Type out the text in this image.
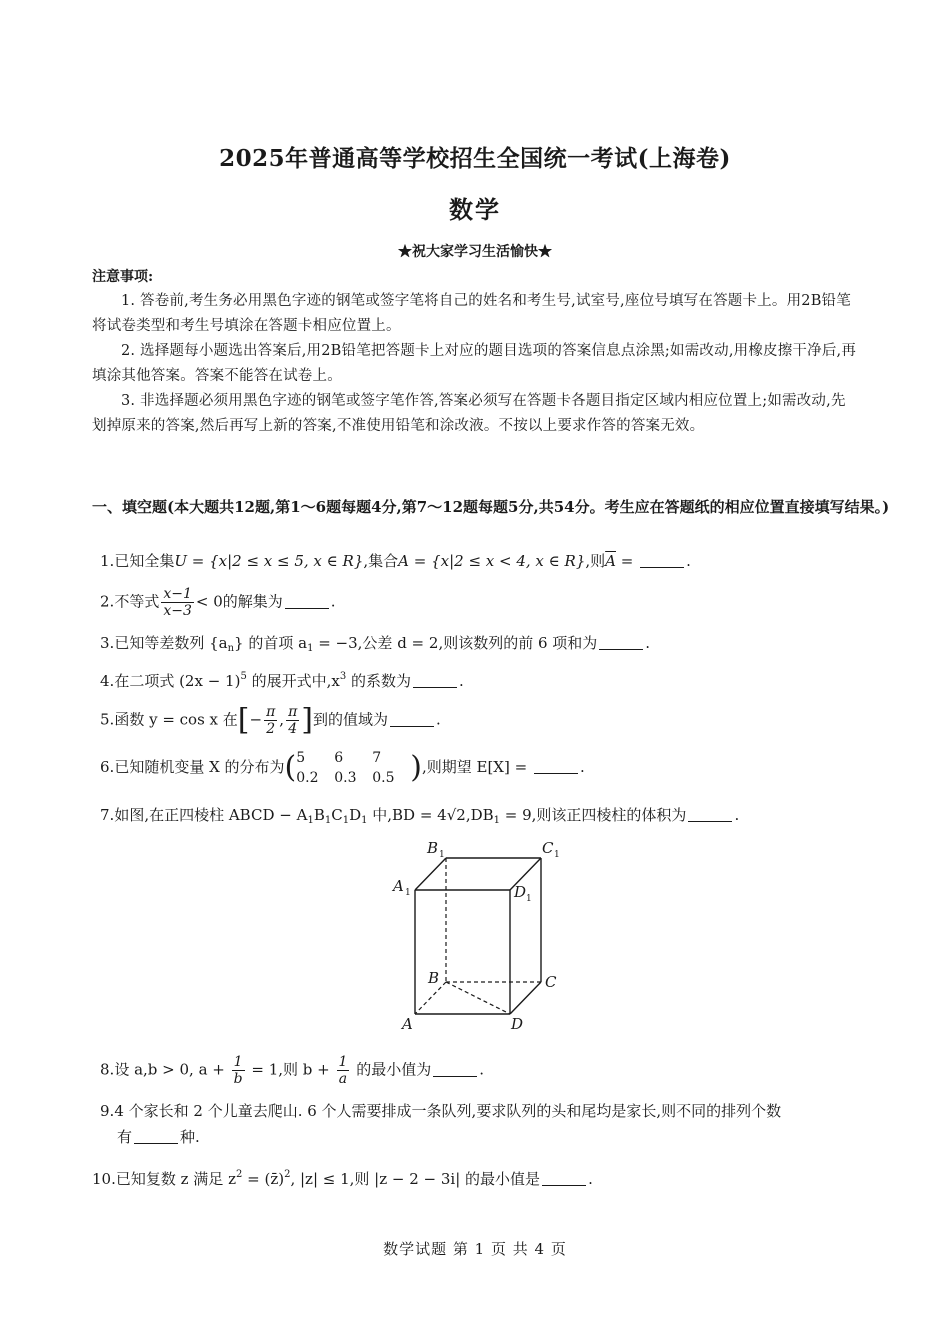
2025年普通高等学校招生全国统一考试(上海卷)
数学
★祝大家学习生活愉快★
注意事项:
1. 答卷前,考生务必用黑色字迹的钢笔或签字笔将自己的姓名和考生号,试室号,座位号填写在答题卡上。用2B铅笔将试卷类型和考生号填涂在答题卡相应位置上。
2. 选择题每小题选出答案后,用2B铅笔把答题卡上对应的题目选项的答案信息点涂黑;如需改动,用橡皮擦干净后,再填涂其他答案。答案不能答在试卷上。
3. 非选择题必须用黑色字迹的钢笔或签字笔作答,答案必须写在答题卡各题目指定区域内相应位置上;如需改动,先划掉原来的答案,然后再写上新的答案,不准使用铅笔和涂改液。不按以上要求作答的答案无效。
一、填空题(本大题共12题,第1～6题每题4分,第7～12题每题5分,共54分。考生应在答题纸的相应位置直接填写结果。)
1.已知全集U = {x|2 ≤ x ≤ 5, x ∈ R},集合A = {x|2 ≤ x < 4, x ∈ R},则$\overline{A}$ =	.
2.不等式 $\frac{x-1}{x-3} < 0$的解集为	.
3.已知等差数列 $\{a_n\}$ 的首项 $a_1 = -3$,公差 d = 2,则该数列的前 6 项和为	.
4.在二项式 $(2x - 1)^5$ 的展开式中$,x^3$ 的系数为	.
5.函数 y = cos x 在[− $\frac{\pi}{2}$ , $\frac{\pi}{4}$ ]到的值域为	.
6.已知随机变量 X 的分布为( 5 6 7
0.2 0.3 0.5 ),则期望 E[X] =	.
7.如图,在正四棱柱 ABCD − $A_1B_1C_1D_1$ 中$,BD = 4√2,DB_1 = 9$,则该正四棱柱的体积为	.
A
B	C
D
A 1
B 1	C 1
D 1
8.设 a,b > 0, $a + \frac{1}{b} = 1$,则 $b + \frac{1}{a}$ 的最小值为	.
9.4 个家长和 2 个儿童去爬山. 6 个人需要排成一条队列,要求队列的头和尾均是家长,则不同的排列个数
有	种.
10.已知复数 z 满足 $z^2$ = (z̄)$^2$, |z| ≤ 1,则 |z − 2 − 3i| 的最小值是	.
数学试题 第 1 页 共 4 页
